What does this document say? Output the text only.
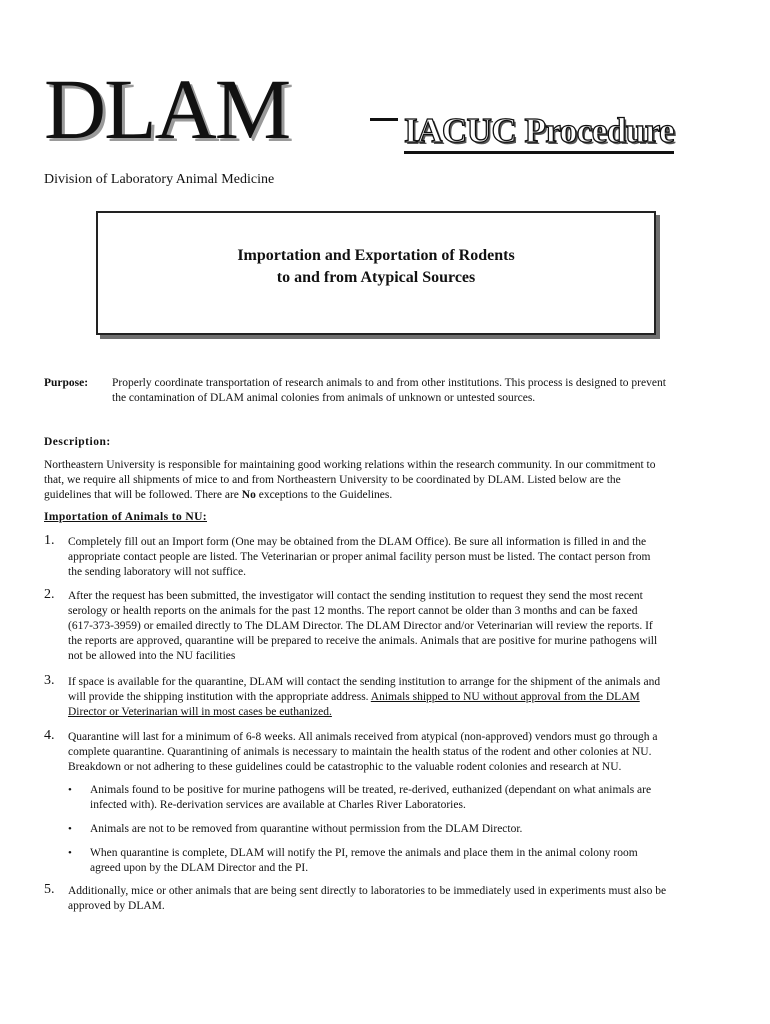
DLAM	IACUC Procedure
Division of Laboratory Animal Medicine
Importation and Exportation of Rodents
to and from Atypical Sources
Purpose: Properly coordinate transportation of research animals to and from other institutions. This process is designed to prevent
the contamination of DLAM animal colonies from animals of unknown or untested sources.
Description:
Northeastern University is responsible for maintaining good working relations within the research community. In our commitment to
that, we require all shipments of mice to and from Northeastern University to be coordinated by DLAM. Listed below are the
guidelines that will be followed. There are No exceptions to the Guidelines.
Importation of Animals to NU:
1. Completely fill out an Import form (One may be obtained from the DLAM Office). Be sure all information is filled in and the
appropriate contact people are listed. The Veterinarian or proper animal facility person must be listed. The contact person from
the sending laboratory will not suffice.
2. After the request has been submitted, the investigator will contact the sending institution to request they send the most recent
serology or health reports on the animals for the past 12 months. The report cannot be older than 3 months and can be faxed
(617-373-3959) or emailed directly to The DLAM Director. The DLAM Director and/or Veterinarian will review the reports. If
the reports are approved, quarantine will be prepared to receive the animals. Animals that are positive for murine pathogens will
not be allowed into the NU facilities
3. If space is available for the quarantine, DLAM will contact the sending institution to arrange for the shipment of the animals and
will provide the shipping institution with the appropriate address. Animals shipped to NU without approval from the DLAM
Director or Veterinarian will in most cases be euthanized.
4. Quarantine will last for a minimum of 6-8 weeks. All animals received from atypical (non-approved) vendors must go through a
complete quarantine. Quarantining of animals is necessary to maintain the health status of the rodent and other colonies at NU.
Breakdown or not adhering to these guidelines could be catastrophic to the valuable rodent colonies and research at NU.
• Animals found to be positive for murine pathogens will be treated, re-derived, euthanized (dependant on what animals are
infected with). Re-derivation services are available at Charles River Laboratories.
• Animals are not to be removed from quarantine without permission from the DLAM Director.
• When quarantine is complete, DLAM will notify the PI, remove the animals and place them in the animal colony room
agreed upon by the DLAM Director and the PI.
5. Additionally, mice or other animals that are being sent directly to laboratories to be immediately used in experiments must also be
approved by DLAM.
